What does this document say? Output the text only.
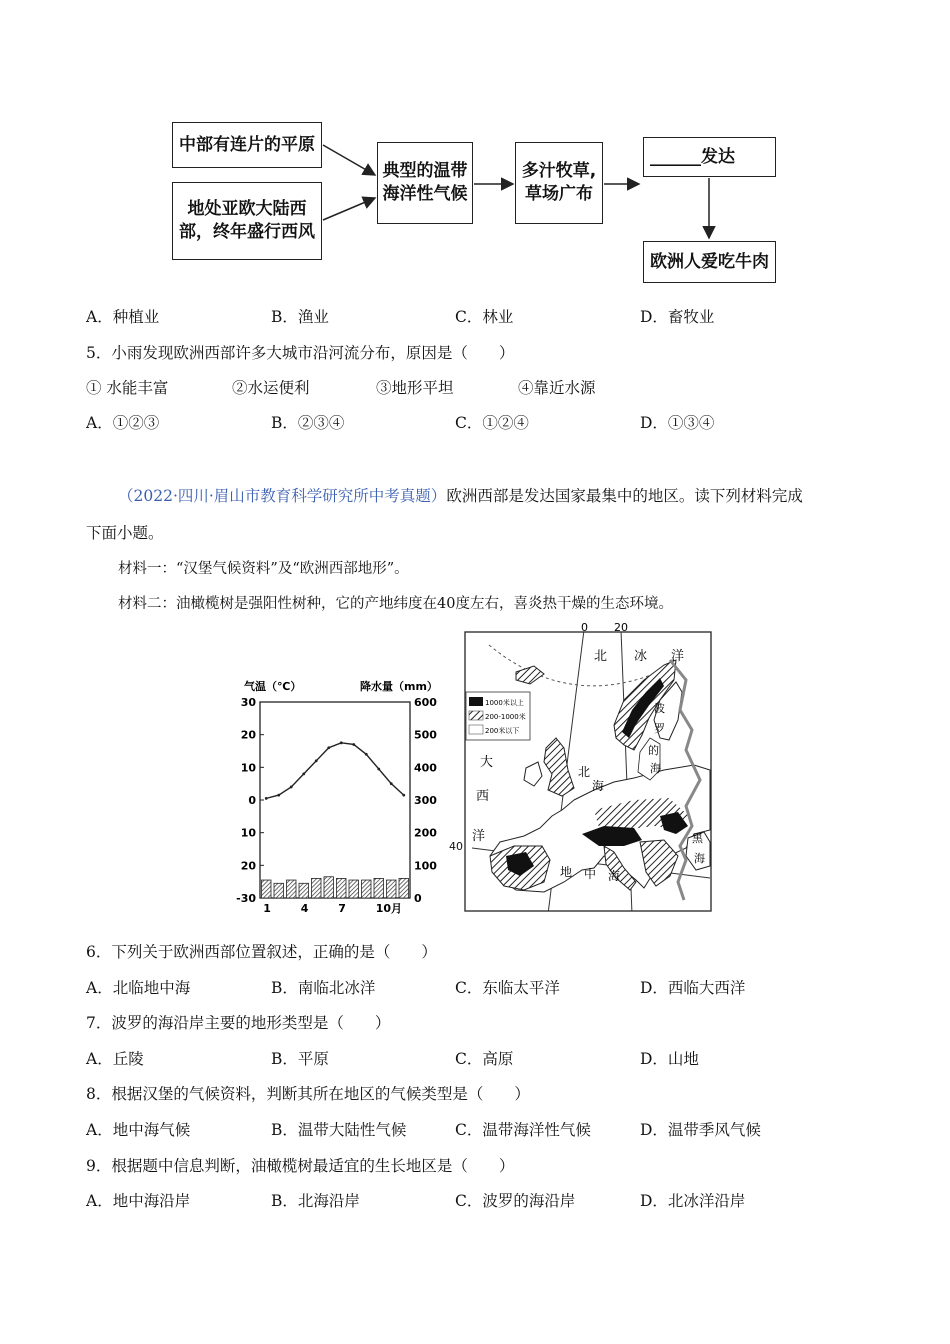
中部有连片的平原
地处亚欧大陆西
部，终年盛行西风
典型的温带
海洋性气候
多汁牧草,
草场广布
______ 发达
欧洲人爱吃牛肉
A．种植业	B．渔业	C．林业	D．畜牧业
5．小雨发现欧洲西部许多大城市沿河流分布，原因是（　　）
① 水能丰富	②水运便利	③地形平坦	④靠近水源
A．①②③	B．②③④	C．①②④	D．①③④
（2022·四川·眉山市教育科学研究所中考真题）欧洲西部是发达国家最集中的地区。读下列材料完成
下面小题。
材料一：“汉堡气候资料”及“欧洲西部地形”。
材料二：油橄榄树是强阳性树种，它的产地纬度在40度左右，喜炎热干燥的生态环境。
气温（℃）	降水量（mm）
30	600
20	500
10	400
0	300
10	200
20	100
-30	0
1	4	7	10月
0 20
北 冰 洋
大
西
洋
北
海
波
罗
的
海
地 中 海
黑
海
1000米以上
200-1000米
200米以下
40
6．下列关于欧洲西部位置叙述，正确的是（　　）
A．北临地中海	B．南临北冰洋	C．东临太平洋	D．西临大西洋
7．波罗的海沿岸主要的地形类型是（　　）
A．丘陵	B．平原	C．高原	D．山地
8．根据汉堡的气候资料，判断其所在地区的气候类型是（　　）
A．地中海气候	B．温带大陆性气候	C．温带海洋性气候	D．温带季风气候
9．根据题中信息判断，油橄榄树最适宜的生长地区是（　　）
A．地中海沿岸	B．北海沿岸	C．波罗的海沿岸	D．北冰洋沿岸
